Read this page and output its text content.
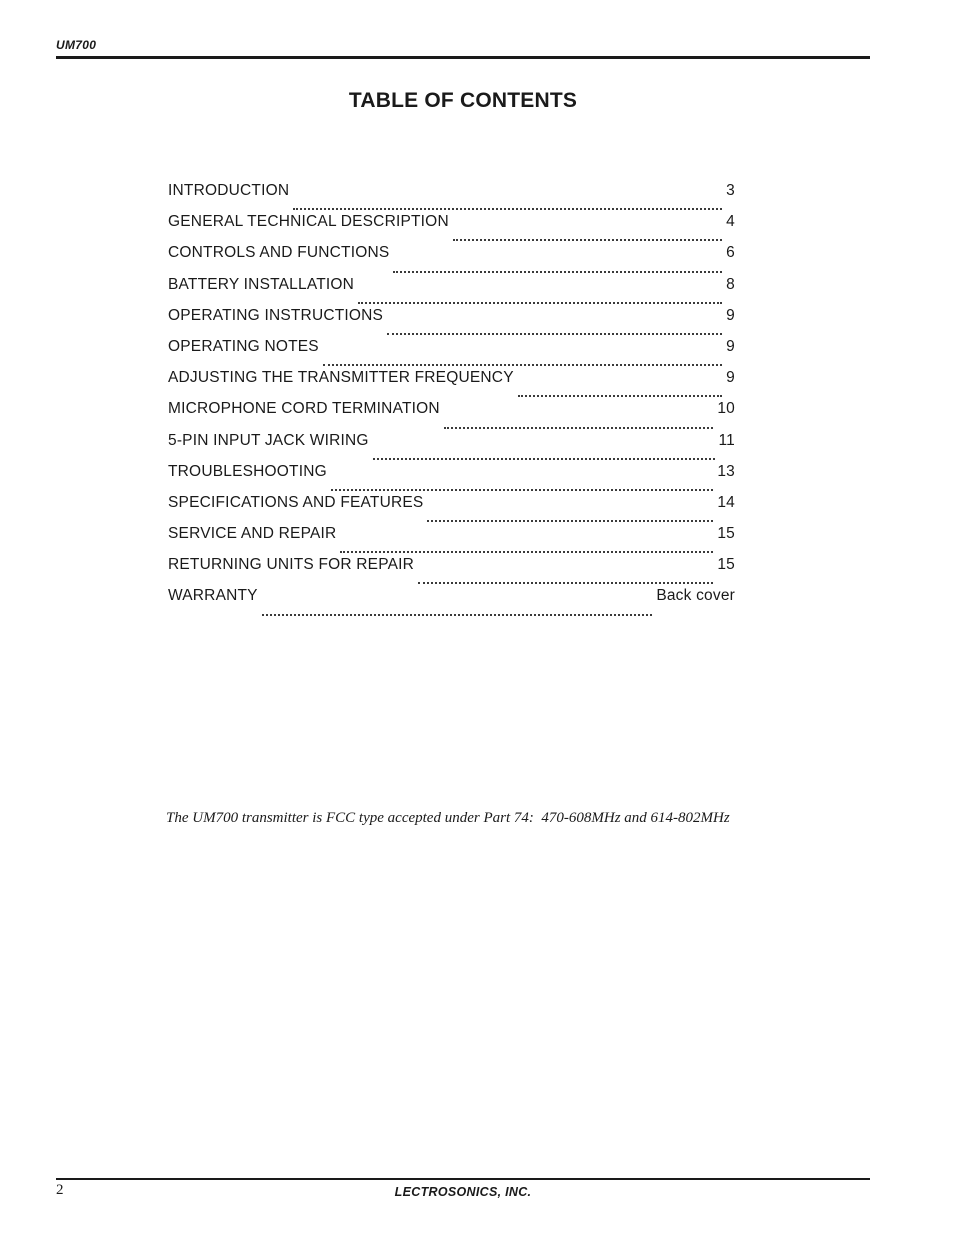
UM700
TABLE OF CONTENTS
INTRODUCTION	3
GENERAL TECHNICAL DESCRIPTION	4
CONTROLS AND FUNCTIONS	6
BATTERY INSTALLATION	8
OPERATING INSTRUCTIONS	9
OPERATING NOTES	9
ADJUSTING THE TRANSMITTER FREQUENCY	9
MICROPHONE CORD TERMINATION	10
5-PIN INPUT JACK WIRING	11
TROUBLESHOOTING	13
SPECIFICATIONS AND FEATURES	14
SERVICE AND REPAIR	15
RETURNING UNITS FOR REPAIR	15
WARRANTY	Back cover
The UM700 transmitter is FCC type accepted under Part 74:  470-608MHz and 614-802MHz
2	LECTROSONICS, INC.
